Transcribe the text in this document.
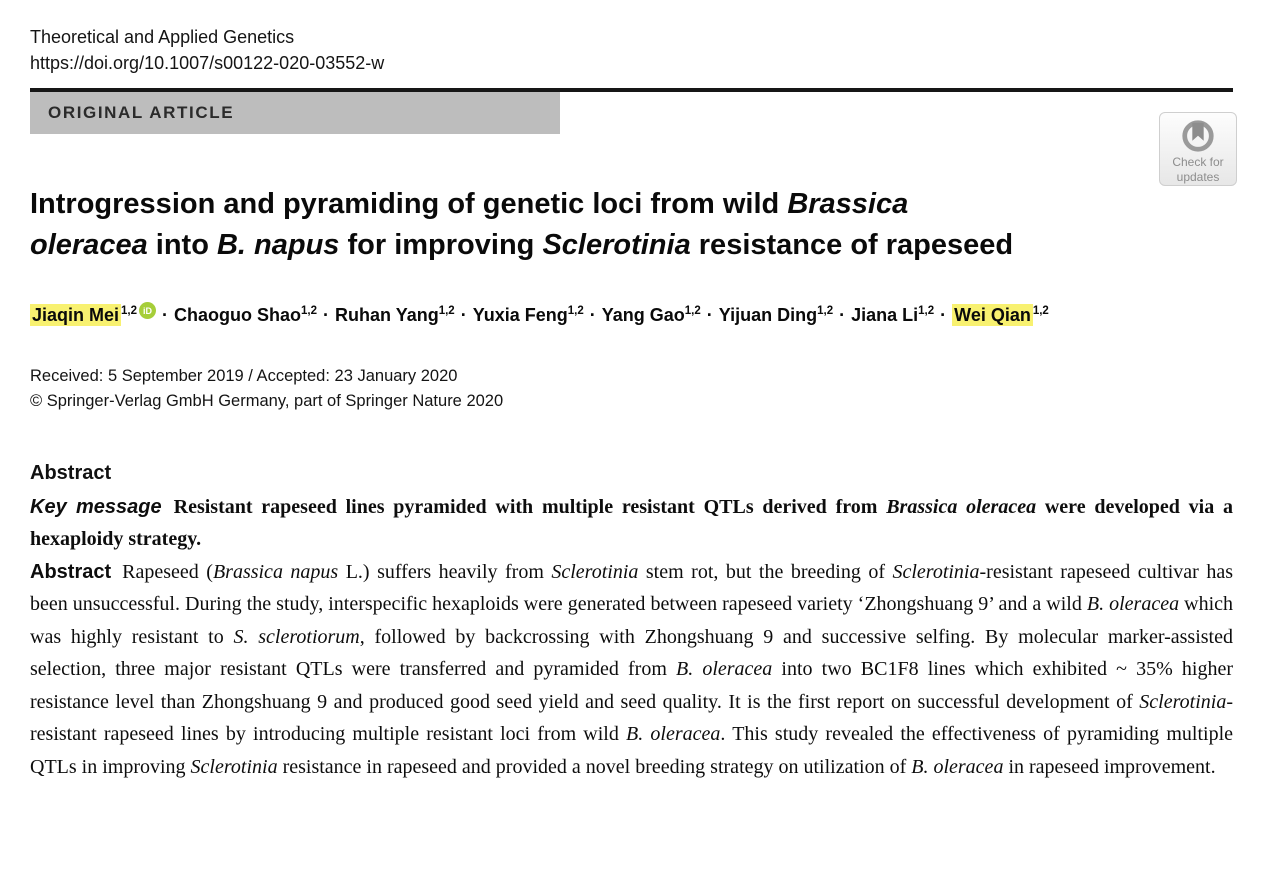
Theoretical and Applied Genetics
https://doi.org/10.1007/s00122-020-03552-w
ORIGINAL ARTICLE
Check for
updates
Introgression and pyramiding of genetic loci from wild Brassica
oleracea into B. napus for improving Sclerotinia resistance of rapeseed
Jiaqin Mei $^{1,2}$ iD · Chaoguo Shao$^{1,2}$ · Ruhan Yang$^{1,2}$ · Yuxia Feng$^{1,2}$ · Yang Gao$^{1,2}$ · Yijuan Ding$^{1,2}$ · Jiana Li$^{1,2}$ · Wei Qian $^{1,2}$
Received: 5 September 2019 / Accepted: 23 January 2020
© Springer-Verlag GmbH Germany, part of Springer Nature 2020
Abstract

Key message Resistant rapeseed lines pyramided with multiple resistant QTLs derived from Brassica oleracea were developed via a hexaploidy strategy.

Abstract Rapeseed (Brassica napus L.) suffers heavily from Sclerotinia stem rot, but the breeding of Sclerotinia-resistant rapeseed cultivar has been unsuccessful. During the study, interspecific hexaploids were generated between rapeseed variety ‘Zhongshuang 9’ and a wild B. oleracea which was highly resistant to S. sclerotiorum, followed by backcrossing with Zhongshuang 9 and successive selfing. By molecular marker-assisted selection, three major resistant QTLs were transferred and pyramided from B. oleracea into two BC1F8 lines which exhibited ~ 35% higher resistance level than Zhongshuang 9 and produced good seed yield and seed quality. It is the first report on successful development of Sclerotinia-resistant rapeseed lines by introducing multiple resistant loci from wild B. oleracea. This study revealed the effectiveness of pyramiding multiple QTLs in improving Sclerotinia resistance in rapeseed and provided a novel breeding strategy on utilization of B. oleracea in rapeseed improvement.
